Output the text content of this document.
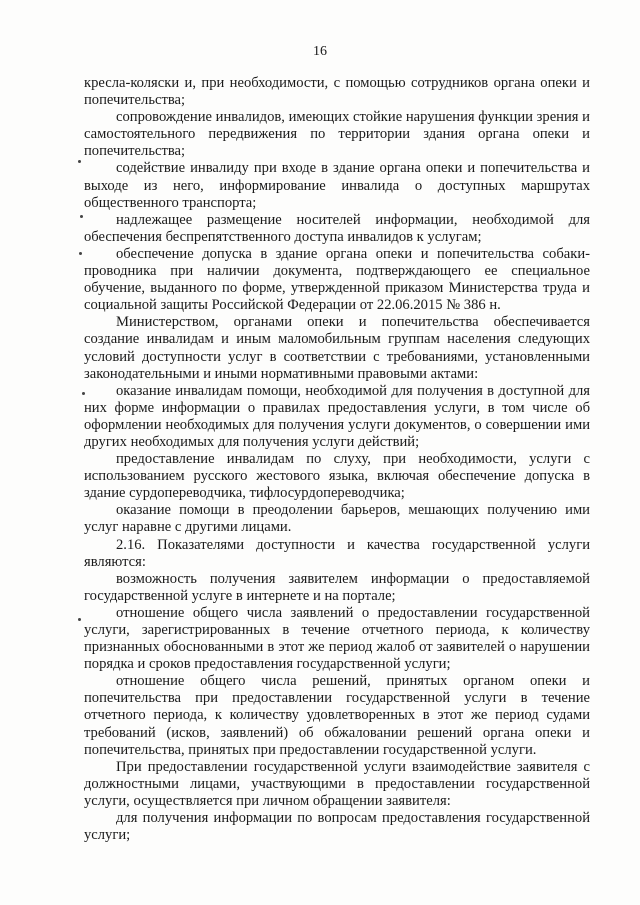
16

кресла-коляски и, при необходимости, с помощью сотрудников органа опеки и попечительства;

сопровождение инвалидов, имеющих стойкие нарушения функции зрения и самостоятельного передвижения по территории здания органа опеки и попечительства;

содействие инвалиду при входе в здание органа опеки и попечительства и выходе из него, информирование инвалида о доступных маршрутах общественного транспорта;

надлежащее размещение носителей информации, необходимой для обеспечения беспрепятственного доступа инвалидов к услугам;

обеспечение допуска в здание органа опеки и попечительства собаки-проводника при наличии документа, подтверждающего ее специальное обучение, выданного по форме, утвержденной приказом Министерства труда и социальной защиты Российской Федерации от 22.06.2015 № 386 н.

Министерством, органами опеки и попечительства обеспечивается создание инвалидам и иным маломобильным группам населения следующих условий доступности услуг в соответствии с требованиями, установленными законодательными и иными нормативными правовыми актами:

оказание инвалидам помощи, необходимой для получения в доступной для них форме информации о правилах предоставления услуги, в том числе об оформлении необходимых для получения услуги документов, о совершении ими других необходимых для получения услуги действий;

предоставление инвалидам по слуху, при необходимости, услуги с использованием русского жестового языка, включая обеспечение допуска в здание сурдопереводчика, тифлосурдопереводчика;

оказание помощи в преодолении барьеров, мешающих получению ими услуг наравне с другими лицами.

2.16. Показателями доступности и качества государственной услуги являются:

возможность получения заявителем информации о предоставляемой государственной услуге в интернете и на портале;

отношение общего числа заявлений о предоставлении государственной услуги, зарегистрированных в течение отчетного периода, к количеству признанных обоснованными в этот же период жалоб от заявителей о нарушении порядка и сроков предоставления государственной услуги;

отношение общего числа решений, принятых органом опеки и попечительства при предоставлении государственной услуги в течение отчетного периода, к количеству удовлетворенных в этот же период судами требований (исков, заявлений) об обжаловании решений органа опеки и попечительства, принятых при предоставлении государственной услуги.

При предоставлении государственной услуги взаимодействие заявителя с должностными лицами, участвующими в предоставлении государственной услуги, осуществляется при личном обращении заявителя:

для получения информации по вопросам предоставления государственной услуги;
